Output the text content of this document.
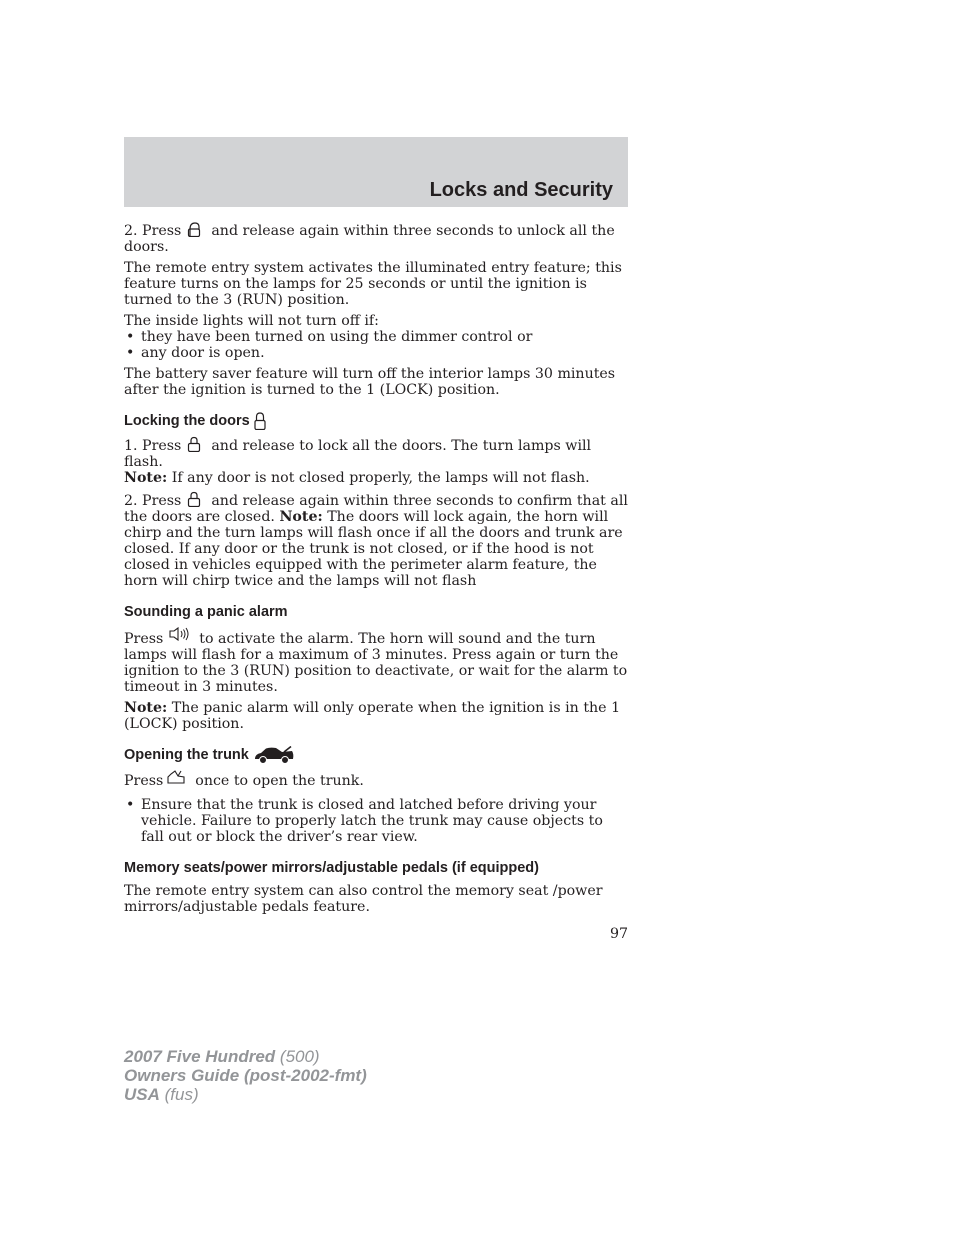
Locks and Security

2. Press and release again within three seconds to unlock all the doors.

The remote entry system activates the illuminated entry feature; this feature turns on the lamps for 25 seconds or until the ignition is turned to the 3 (RUN) position.

The inside lights will not turn off if:

• they have been turned on using the dimmer control or

• any door is open.

The battery saver feature will turn off the interior lamps 30 minutes after the ignition is turned to the 1 (LOCK) position.

Locking the doors

1. Press and release to lock all the doors. The turn lamps will flash.
Note: If any door is not closed properly, the lamps will not flash.

2. Press and release again within three seconds to confirm that all the doors are closed. Note: The doors will lock again, the horn will chirp and the turn lamps will flash once if all the doors and trunk are closed. If any door or the trunk is not closed, or if the hood is not closed in vehicles equipped with the perimeter alarm feature, the horn will chirp twice and the lamps will not flash

Sounding a panic alarm

Press	to activate the alarm. The horn will sound and the turn lamps will flash for a maximum of 3 minutes. Press again or turn the ignition to the 3 (RUN) position to deactivate, or wait for the alarm to timeout in 3 minutes.

Note: The panic alarm will only operate when the ignition is in the 1 (LOCK) position.

Opening the trunk

Press once to open the trunk.

• Ensure that the trunk is closed and latched before driving your vehicle. Failure to properly latch the trunk may cause objects to fall out or block the driver’s rear view.

Memory seats/power mirrors/adjustable pedals (if equipped)

The remote entry system can also control the memory seat /power mirrors/adjustable pedals feature.

97
2007 Five Hundred (500)
Owners Guide (post-2002-fmt)
USA (fus)
